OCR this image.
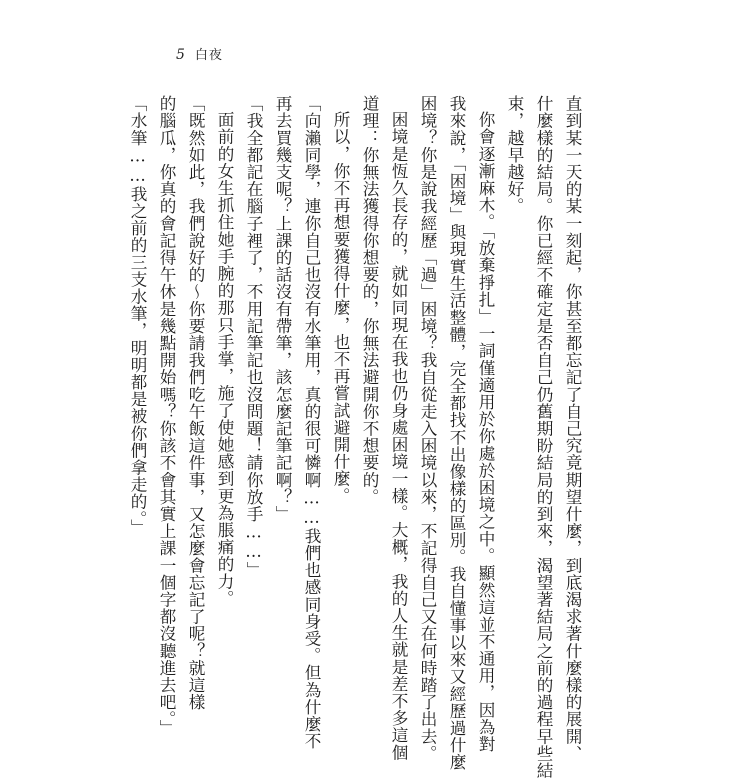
5 白夜
直到某一天的某一刻起，你甚至都忘記了自己究竟期望什麼，到底渴求著什麼樣的展開、
什麼樣的結局。你已經不確定是否自己仍舊期盼結局的到來，渴望著結局之前的過程早些結
束，越早越好。
你會逐漸麻木。「放棄掙扎」一詞僅適用於你處於困境之中。顯然這並不通用，因為對
我來說，「困境」與現實生活整體，完全都找不出像樣的區別。我自懂事以來又經歷過什麼
困境？你是說我經歷「過」困境？我自從走入困境以來，不記得自己又在何時踏了出去。
困境是恆久長存的，就如同現在我也仍身處困境一樣。大概，我的人生就是差不多這個
道理：你無法獲得你想要的，你無法避開你不想要的。
所以，你不再想要獲得什麼，也不再嘗試避開什麼。
「向瀨同學，連你自己也沒有水筆用，真的很可憐啊……我們也感同身受。但為什麼不
再去買幾支呢？上課的話沒有帶筆，該怎麼記筆記啊？」
「我全都記在腦子裡了，不用記筆記也沒問題！請你放手……」
面前的女生抓住她手腕的那只手掌，施了使她感到更為脹痛的力。
「既然如此，我們說好的〜你要請我們吃午飯這件事，又怎麼會忘記了呢？就這樣
的腦瓜，你真的會記得午休是幾點開始嗎？你該不會其實上課一個字都沒聽進去吧。」
「水筆……我之前的三支水筆，明明都是被你們拿走的。」
